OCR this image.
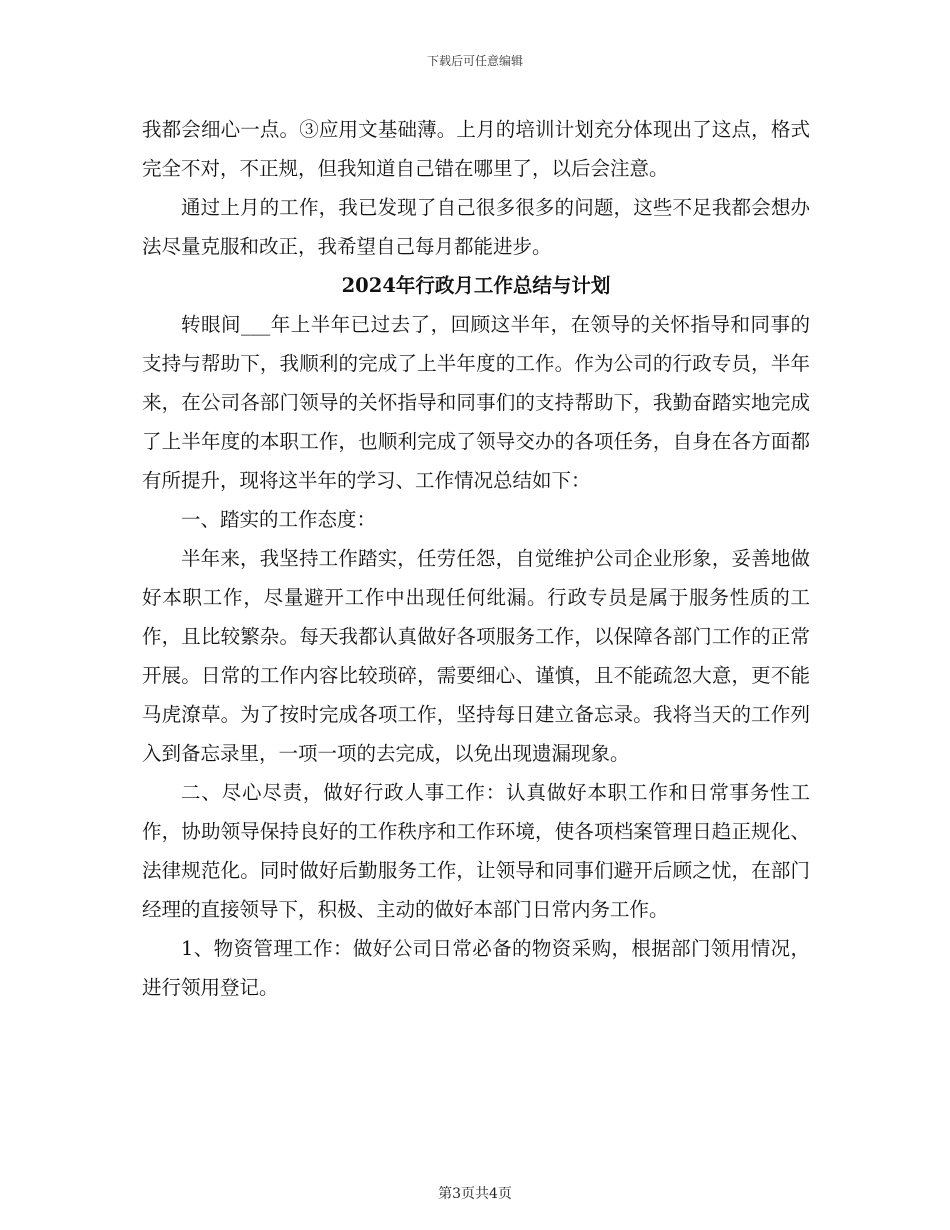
下载后可任意编辑

我都会细心一点。③应用文基础薄。上月的培训计划充分体现出了这点，格式完全不对，不正规，但我知道自己错在哪里了，以后会注意。

通过上月的工作，我已发现了自己很多很多的问题，这些不足我都会想办法尽量克服和改正，我希望自己每月都能进步。

2024年行政月工作总结与计划

转眼间___年上半年已过去了，回顾这半年，在领导的关怀指导和同事的支持与帮助下，我顺利的完成了上半年度的工作。作为公司的行政专员，半年来，在公司各部门领导的关怀指导和同事们的支持帮助下，我勤奋踏实地完成了上半年度的本职工作，也顺利完成了领导交办的各项任务，自身在各方面都有所提升，现将这半年的学习、工作情况总结如下：

一、踏实的工作态度：

半年来，我坚持工作踏实，任劳任怨，自觉维护公司企业形象，妥善地做好本职工作，尽量避开工作中出现任何纰漏。行政专员是属于服务性质的工作，且比较繁杂。每天我都认真做好各项服务工作，以保障各部门工作的正常开展。日常的工作内容比较琐碎，需要细心、谨慎，且不能疏忽大意，更不能马虎潦草。为了按时完成各项工作，坚持每日建立备忘录。我将当天的工作列入到备忘录里，一项一项的去完成，以免出现遗漏现象。

二、尽心尽责，做好行政人事工作：认真做好本职工作和日常事务性工作，协助领导保持良好的工作秩序和工作环境，使各项档案管理日趋正规化、法律规范化。同时做好后勤服务工作，让领导和同事们避开后顾之忧，在部门经理的直接领导下，积极、主动的做好本部门日常内务工作。

1、物资管理工作：做好公司日常必备的物资采购，根据部门领用情况，进行领用登记。

第3页共4页
